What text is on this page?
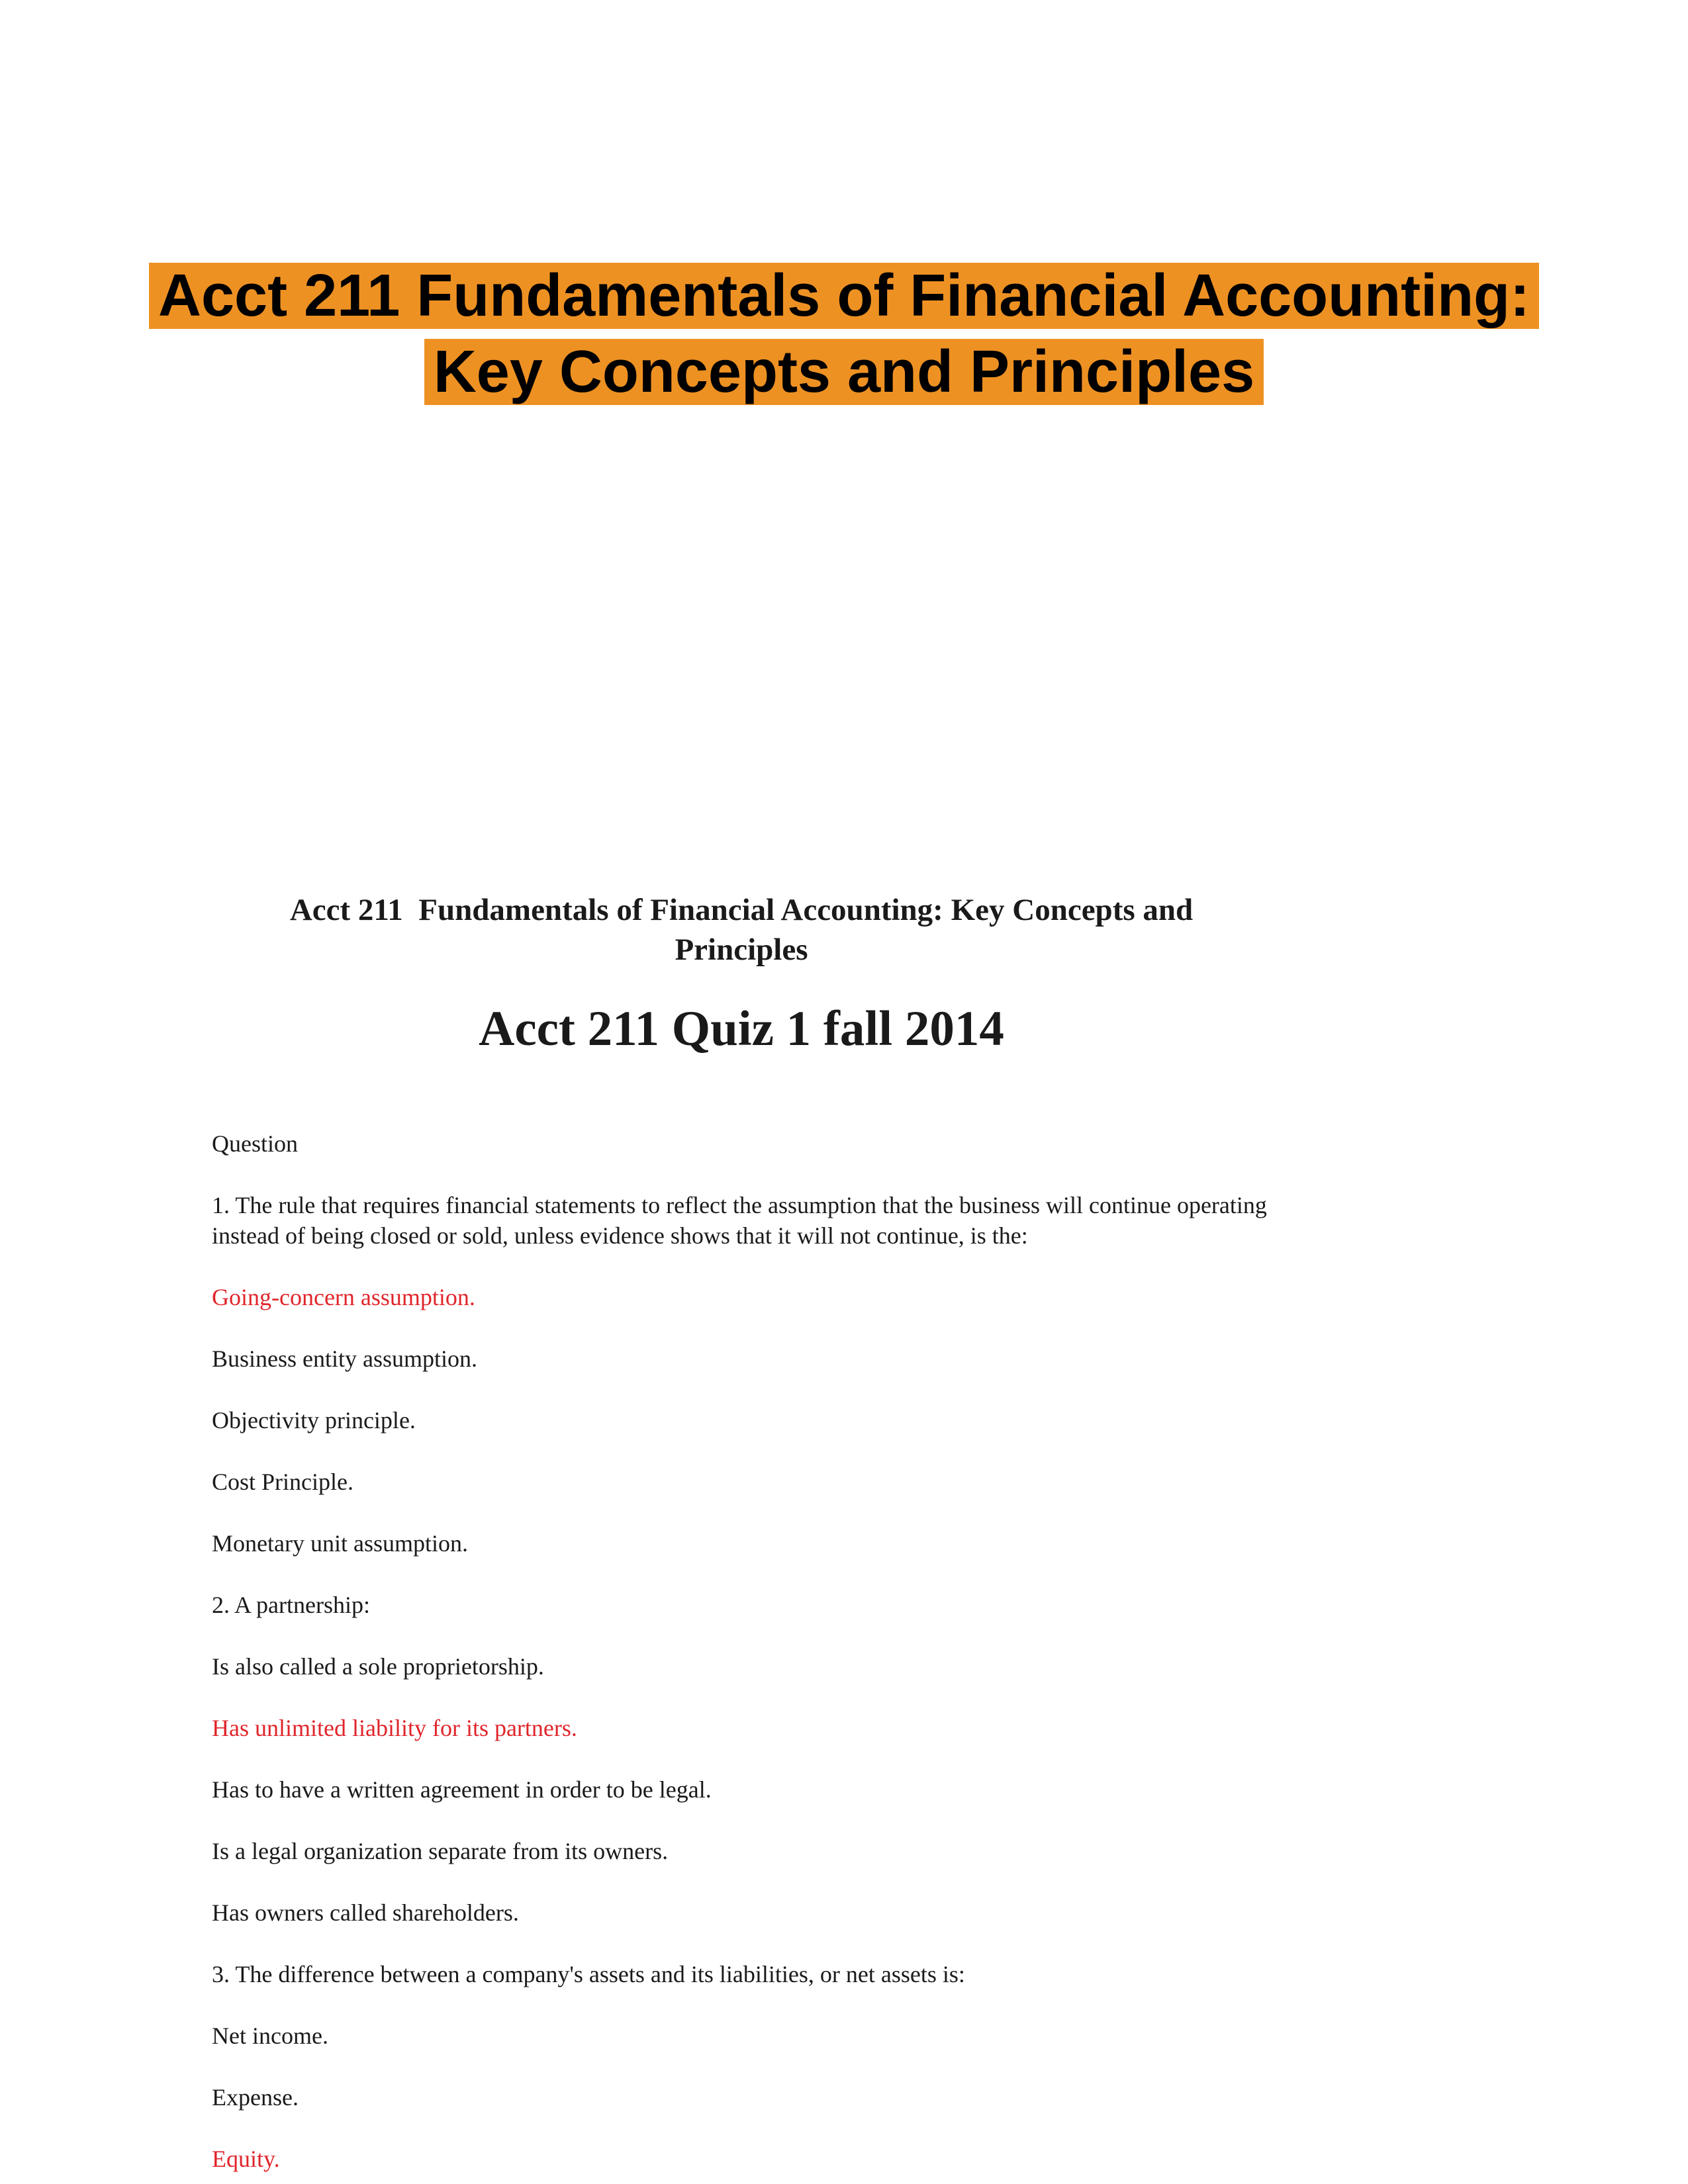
Acct 211 Fundamentals of Financial Accounting:
Key Concepts and Principles
Acct 211  Fundamentals of Financial Accounting: Key Concepts and
Principles
Acct 211 Quiz 1 fall 2014
Question
1. The rule that requires financial statements to reflect the assumption that the business will continue operating instead of being closed or sold, unless evidence shows that it will not continue, is the:
Going-concern assumption.
Business entity assumption.
Objectivity principle.
Cost Principle.
Monetary unit assumption.
2. A partnership:
Is also called a sole proprietorship.
Has unlimited liability for its partners.
Has to have a written agreement in order to be legal.
Is a legal organization separate from its owners.
Has owners called shareholders.
3. The difference between a company's assets and its liabilities, or net assets is:
Net income.
Expense.
Equity.
